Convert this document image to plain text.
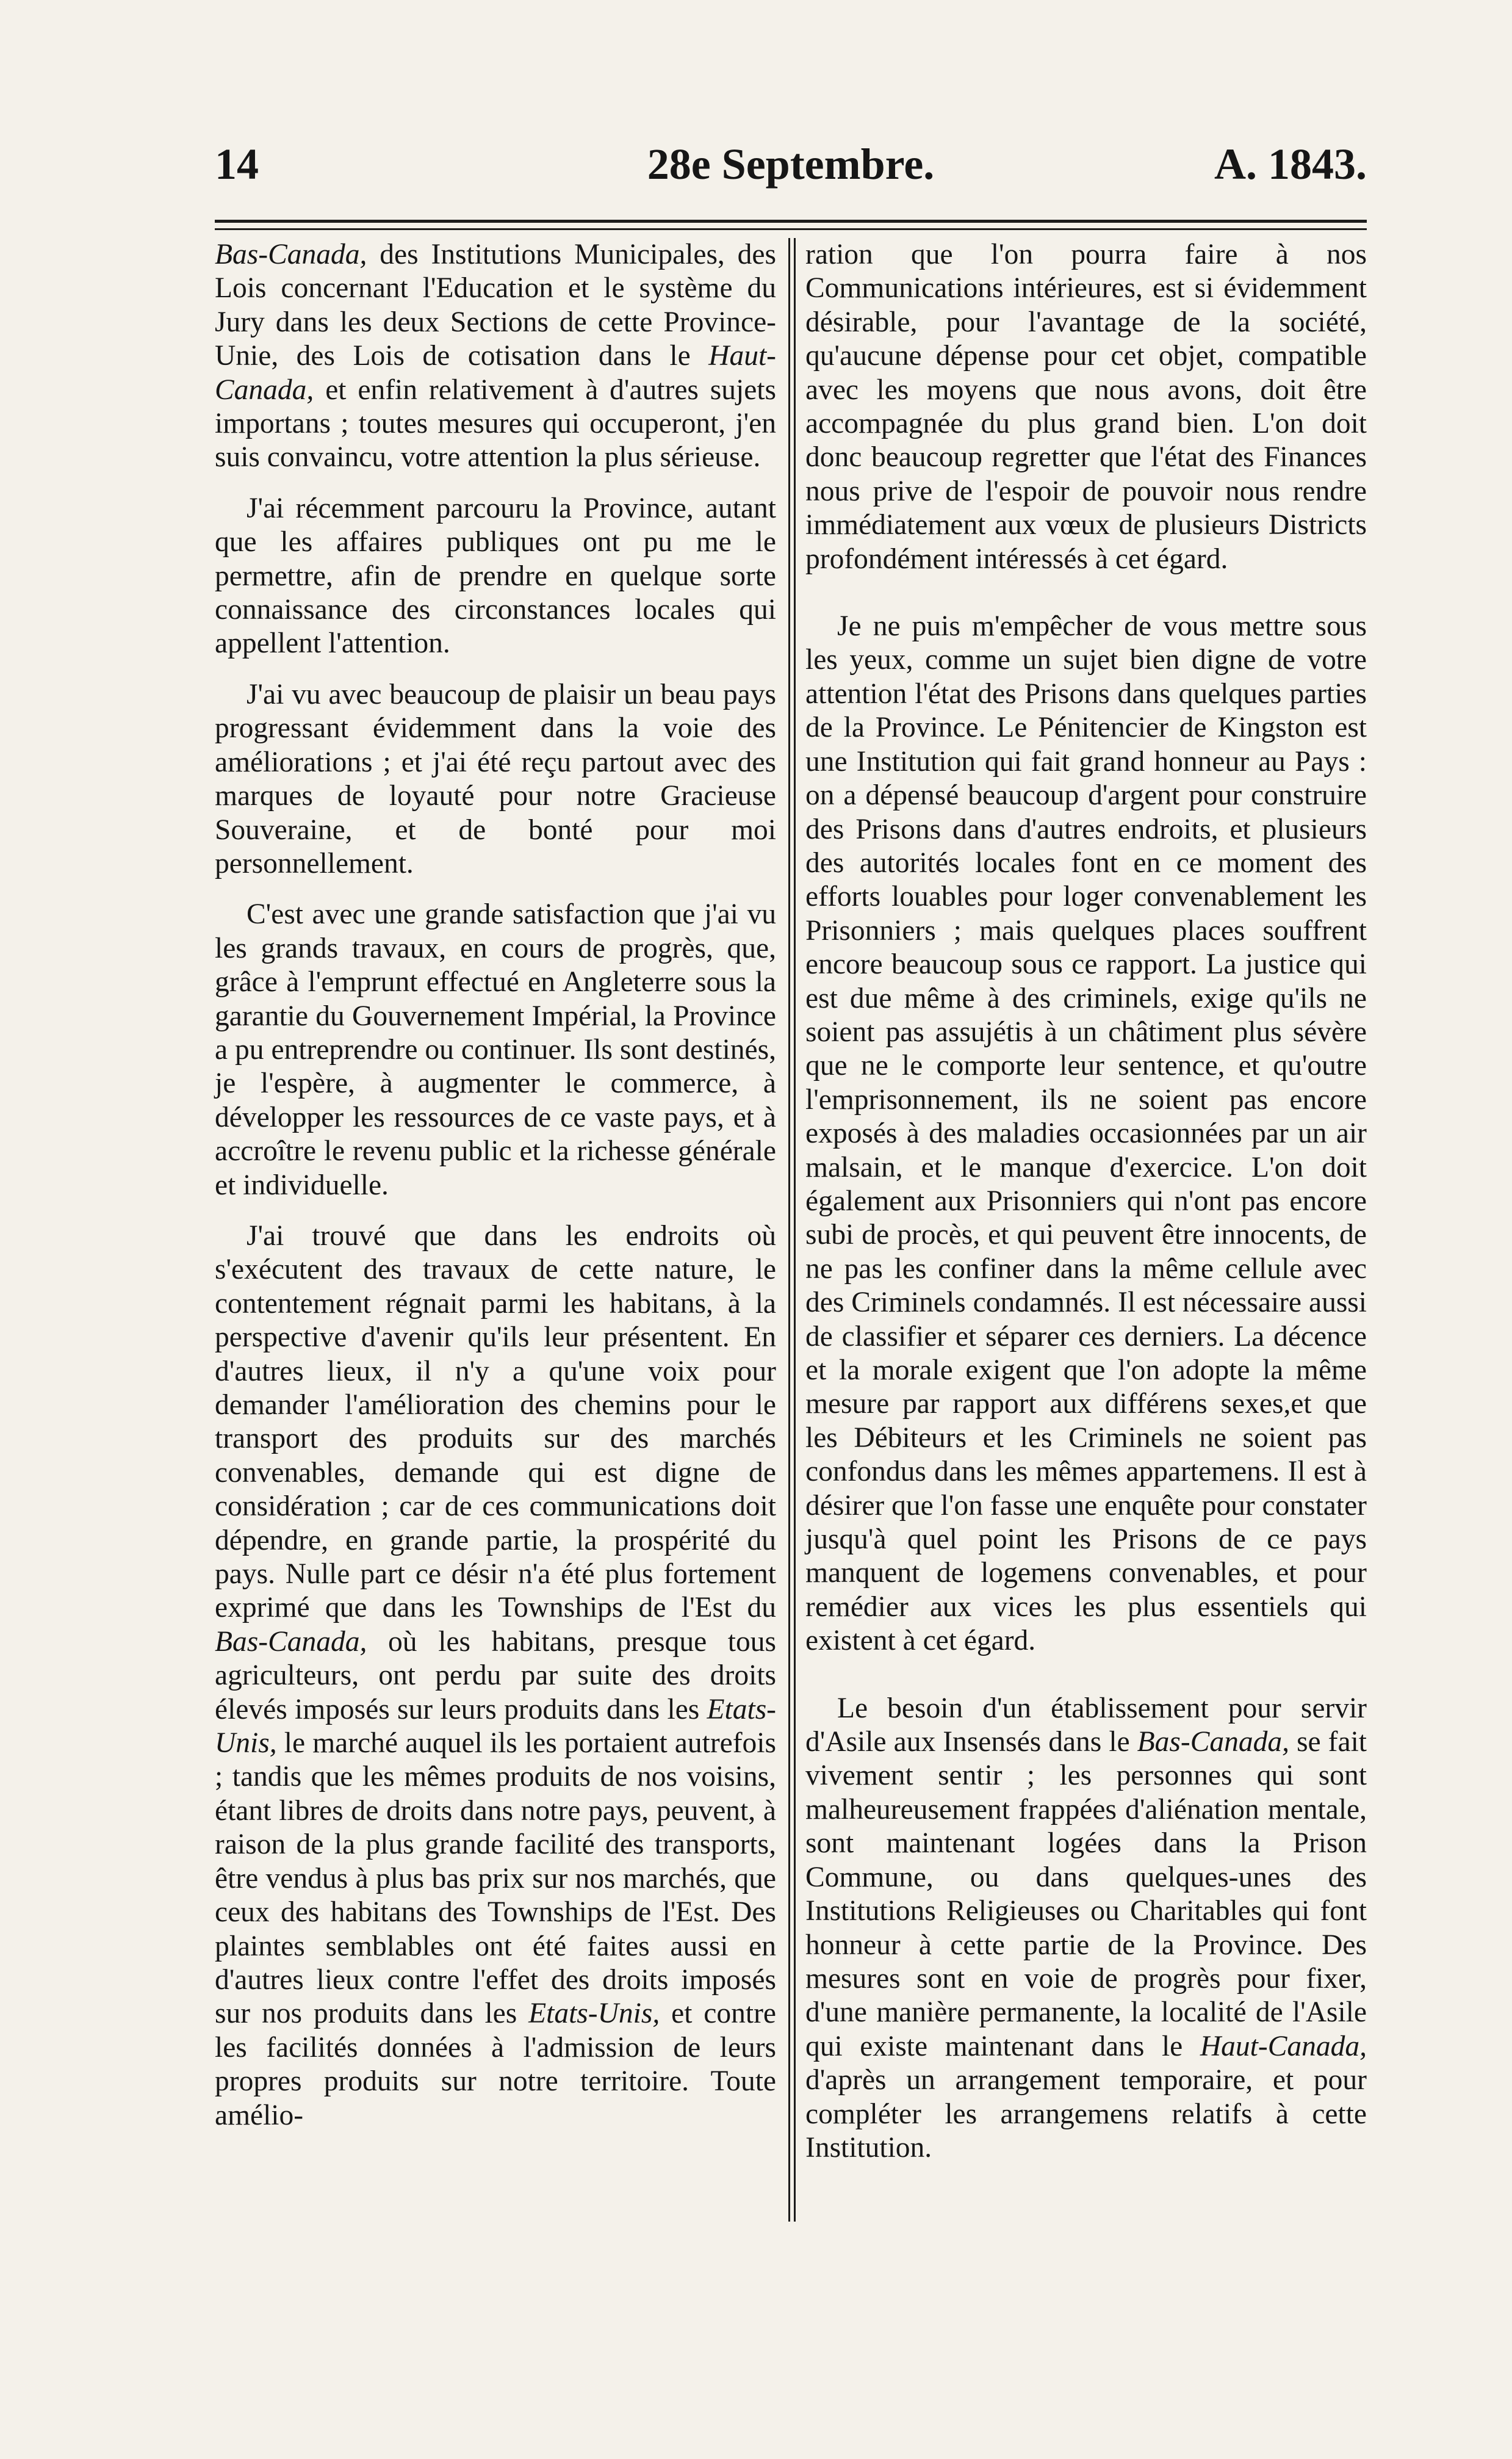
14	28e Septembre.	A. 1843.

Bas-Canada, des Institutions Municipales, des Lois concernant l'Education et le système du Jury dans les deux Sections de cette Province-Unie, des Lois de cotisation dans le Haut-Canada, et enfin relativement à d'autres sujets importans ; toutes mesures qui occuperont, j'en suis convaincu, votre attention la plus sérieuse.

J'ai récemment parcouru la Province, autant que les affaires publiques ont pu me le permettre, afin de prendre en quelque sorte connaissance des circonstances locales qui appellent l'attention.

J'ai vu avec beaucoup de plaisir un beau pays progressant évidemment dans la voie des améliorations ; et j'ai été reçu partout avec des marques de loyauté pour notre Gracieuse Souveraine, et de bonté pour moi personnellement.

C'est avec une grande satisfaction que j'ai vu les grands travaux, en cours de progrès, que, grâce à l'emprunt effectué en Angleterre sous la garantie du Gouvernement Impérial, la Province a pu entreprendre ou continuer. Ils sont destinés, je l'espère, à augmenter le commerce, à développer les ressources de ce vaste pays, et à accroître le revenu public et la richesse générale et individuelle.

J'ai trouvé que dans les endroits où s'exécutent des travaux de cette nature, le contentement régnait parmi les habitans, à la perspective d'avenir qu'ils leur présentent. En d'autres lieux, il n'y a qu'une voix pour demander l'amélioration des chemins pour le transport des produits sur des marchés convenables, demande qui est digne de considération ; car de ces communications doit dépendre, en grande partie, la prospérité du pays. Nulle part ce désir n'a été plus fortement exprimé que dans les Townships de l'Est du Bas-Canada, où les habitans, presque tous agriculteurs, ont perdu par suite des droits élevés imposés sur leurs produits dans les Etats-Unis, le marché auquel ils les portaient autrefois ; tandis que les mêmes produits de nos voisins, étant libres de droits dans notre pays, peuvent, à raison de la plus grande facilité des transports, être vendus à plus bas prix sur nos marchés, que ceux des habitans des Townships de l'Est. Des plaintes semblables ont été faites aussi en d'autres lieux contre l'effet des droits imposés sur nos produits dans les Etats-Unis, et contre les facilités données à l'admission de leurs propres produits sur notre territoire. Toute amélio-

ration que l'on pourra faire à nos Communications intérieures, est si évidemment désirable, pour l'avantage de la société, qu'aucune dépense pour cet objet, compatible avec les moyens que nous avons, doit être accompagnée du plus grand bien. L'on doit donc beaucoup regretter que l'état des Finances nous prive de l'espoir de pouvoir nous rendre immédiatement aux vœux de plusieurs Districts profondément intéressés à cet égard.

Je ne puis m'empêcher de vous mettre sous les yeux, comme un sujet bien digne de votre attention l'état des Prisons dans quelques parties de la Province. Le Pénitencier de Kingston est une Institution qui fait grand honneur au Pays : on a dépensé beaucoup d'argent pour construire des Prisons dans d'autres endroits, et plusieurs des autorités locales font en ce moment des efforts louables pour loger convenablement les Prisonniers ; mais quelques places souffrent encore beaucoup sous ce rapport. La justice qui est due même à des criminels, exige qu'ils ne soient pas assujétis à un châtiment plus sévère que ne le comporte leur sentence, et qu'outre l'emprisonnement, ils ne soient pas encore exposés à des maladies occasionnées par un air malsain, et le manque d'exercice. L'on doit également aux Prisonniers qui n'ont pas encore subi de procès, et qui peuvent être innocents, de ne pas les confiner dans la même cellule avec des Criminels condamnés. Il est nécessaire aussi de classifier et séparer ces derniers. La décence et la morale exigent que l'on adopte la même mesure par rapport aux différens sexes,et que les Débiteurs et les Criminels ne soient pas confondus dans les mêmes appartemens. Il est à désirer que l'on fasse une enquête pour constater jusqu'à quel point les Prisons de ce pays manquent de logemens convenables, et pour remédier aux vices les plus essentiels qui existent à cet égard.

Le besoin d'un établissement pour servir d'Asile aux Insensés dans le Bas-Canada, se fait vivement sentir ; les personnes qui sont malheureusement frappées d'aliénation mentale, sont maintenant logées dans la Prison Commune, ou dans quelques-unes des Institutions Religieuses ou Charitables qui font honneur à cette partie de la Province. Des mesures sont en voie de progrès pour fixer, d'une manière permanente, la localité de l'Asile qui existe maintenant dans le Haut-Canada, d'après un arrangement temporaire, et pour compléter les arrangemens relatifs à cette Institution.
